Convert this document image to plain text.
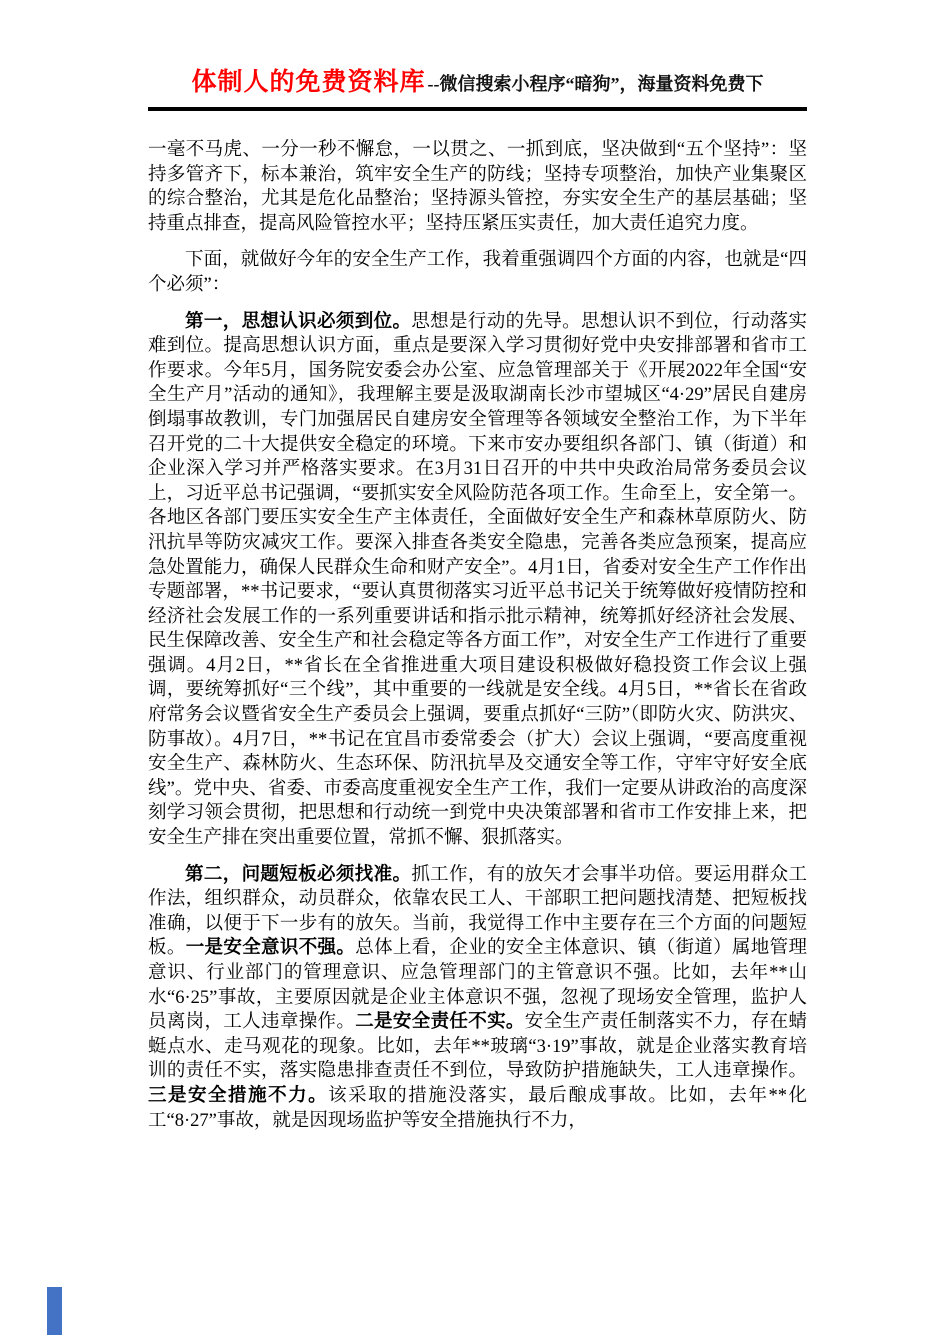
体制人的免费资料库 --微信搜索小程序“暗狗”，海量资料免费下

一毫不马虎、一分一秒不懈怠，一以贯之、一抓到底，坚决做到“五个坚持”：坚持多管齐下，标本兼治，筑牢安全生产的防线；坚持专项整治，加快产业集聚区的综合整治，尤其是危化品整治；坚持源头管控，夯实安全生产的基层基础；坚持重点排查，提高风险管控水平；坚持压紧压实责任，加大责任追究力度。

下面，就做好今年的安全生产工作，我着重强调四个方面的内容，也就是“四个必须”：

第一，思想认识必须到位。思想是行动的先导。思想认识不到位，行动落实难到位。提高思想认识方面，重点是要深入学习贯彻好党中央安排部署和省市工作要求。今年5月，国务院安委会办公室、应急管理部关于《开展2022年全国“安全生产月”活动的通知》，我理解主要是汲取湖南长沙市望城区“4·29”居民自建房倒塌事故教训，专门加强居民自建房安全管理等各领域安全整治工作，为下半年召开党的二十大提供安全稳定的环境。下来市安办要组织各部门、镇（街道）和企业深入学习并严格落实要求。在3月31日召开的中共中央政治局常务委员会议上，习近平总书记强调，“要抓实安全风险防范各项工作。生命至上，安全第一。各地区各部门要压实安全生产主体责任，全面做好安全生产和森林草原防火、防汛抗旱等防灾减灾工作。要深入排查各类安全隐患，完善各类应急预案，提高应急处置能力，确保人民群众生命和财产安全”。4月1日，省委对安全生产工作作出专题部署，**书记要求，“要认真贯彻落实习近平总书记关于统筹做好疫情防控和经济社会发展工作的一系列重要讲话和指示批示精神，统筹抓好经济社会发展、民生保障改善、安全生产和社会稳定等各方面工作”，对安全生产工作进行了重要强调。4月2日，**省长在全省推进重大项目建设积极做好稳投资工作会议上强调，要统筹抓好“三个线”，其中重要的一线就是安全线。4月5日，**省长在省政府常务会议暨省安全生产委员会上强调，要重点抓好“三防”（即防火灾、防洪灾、防事故）。4月7日，**书记在宜昌市委常委会（扩大）会议上强调，“要高度重视安全生产、森林防火、生态环保、防汛抗旱及交通安全等工作，守牢守好安全底线”。党中央、省委、市委高度重视安全生产工作，我们一定要从讲政治的高度深刻学习领会贯彻，把思想和行动统一到党中央决策部署和省市工作安排上来，把安全生产排在突出重要位置，常抓不懈、狠抓落实。

第二，问题短板必须找准。抓工作，有的放矢才会事半功倍。要运用群众工作法，组织群众，动员群众，依靠农民工人、干部职工把问题找清楚、把短板找准确，以便于下一步有的放矢。当前，我觉得工作中主要存在三个方面的问题短板。一是安全意识不强。总体上看，企业的安全主体意识、镇（街道）属地管理意识、行业部门的管理意识、应急管理部门的主管意识不强。比如，去年**山水“6·25”事故，主要原因就是企业主体意识不强，忽视了现场安全管理，监护人员离岗，工人违章操作。二是安全责任不实。安全生产责任制落实不力，存在蜻蜓点水、走马观花的现象。比如，去年**玻璃“3·19”事故，就是企业落实教育培训的责任不实，落实隐患排查责任不到位，导致防护措施缺失，工人违章操作。三是安全措施不力。该采取的措施没落实，最后酿成事故。比如，去年**化工“8·27”事故，就是因现场监护等安全措施执行不力，
